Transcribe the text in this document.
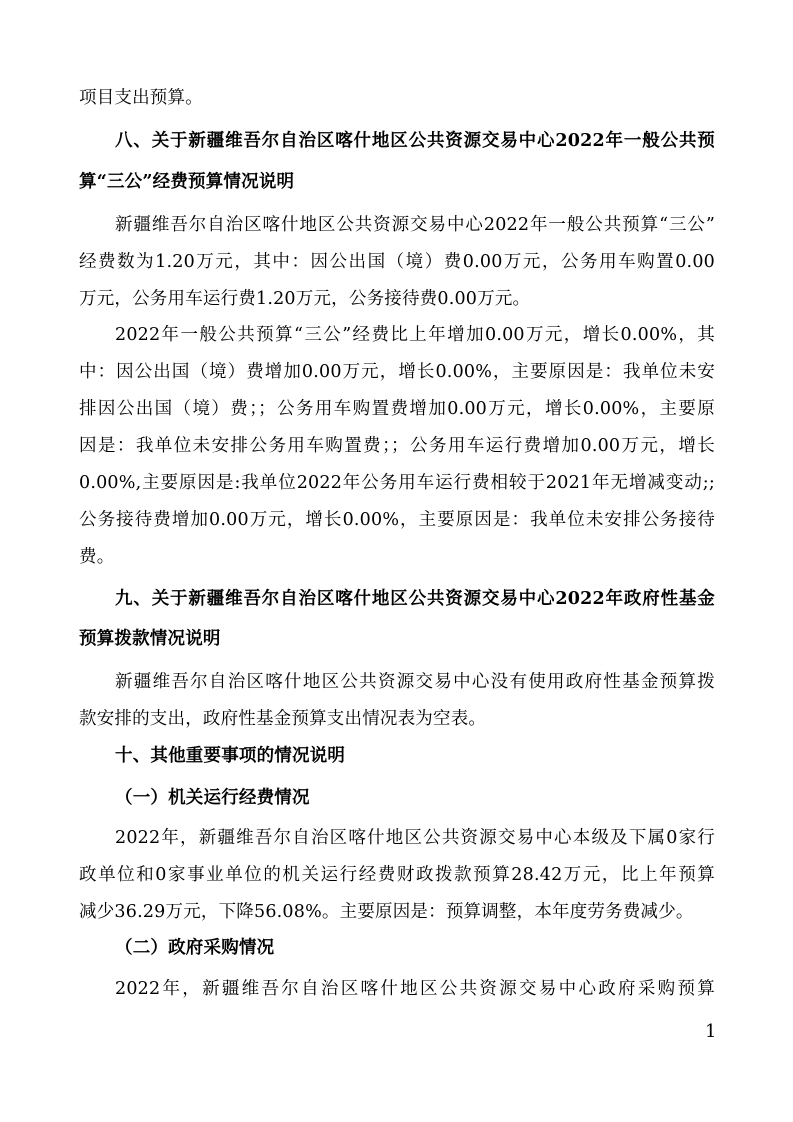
项目支出预算。
八、关于新疆维吾尔自治区喀什地区公共资源交易中心2022年一般公共预
算“三公”经费预算情况说明
新疆维吾尔自治区喀什地区公共资源交易中心2022年一般公共预算“三公”
经费数为1.20万元，其中：因公出国（境）费0.00万元，公务用车购置0.00
万元，公务用车运行费1.20万元，公务接待费0.00万元。
2022年一般公共预算“三公”经费比上年增加0.00万元，增长0.00%，其
中：因公出国（境）费增加0.00万元，增长0.00%，主要原因是：我单位未安
排因公出国（境）费；；公务用车购置费增加0.00万元，增长0.00%，主要原
因是：我单位未安排公务用车购置费；；公务用车运行费增加0.00万元，增长
0.00%,主要原因是:我单位2022年公务用车运行费相较于2021年无增减变动;;
公务接待费增加0.00万元，增长0.00%，主要原因是：我单位未安排公务接待
费。
九、关于新疆维吾尔自治区喀什地区公共资源交易中心2022年政府性基金
预算拨款情况说明
新疆维吾尔自治区喀什地区公共资源交易中心没有使用政府性基金预算拨
款安排的支出，政府性基金预算支出情况表为空表。
十、其他重要事项的情况说明
（一）机关运行经费情况
2022年，新疆维吾尔自治区喀什地区公共资源交易中心本级及下属0家行
政单位和0家事业单位的机关运行经费财政拨款预算28.42万元，比上年预算
减少36.29万元，下降56.08%。主要原因是：预算调整，本年度劳务费减少。
（二）政府采购情况
2022年，新疆维吾尔自治区喀什地区公共资源交易中心政府采购预算
1
